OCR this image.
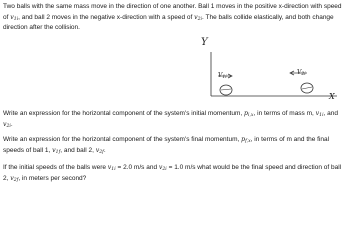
Two balls with the same mass move in the direction of one another. Ball 1 moves in the positive x-direction with speed of $v_{1i}$, and ball 2 moves in the negative x-direction with a speed of $v_{2i}$. The balls collide elastically, and both change direction after the collision.

Y
X
$V_{1i}$
$V_{2i}$

Write an expression for the horizontal component of the system's initial momentum, $p_{i,x}$, in terms of mass m, $v_{1i}$, and $v_{2i}$.

Write an expression for the horizontal component of the system's final momentum, $p_{f,x}$, in terms of m and the final speeds of ball 1, $v_{1f}$, and ball 2, $v_{2f}$.

If the initial speeds of the balls were $v_{1i} = 2.0$ m/s and $v_{2i} = 1.0$ m/s what would be the final speed and direction of ball 2, $v_{2f}$, in meters per second?
